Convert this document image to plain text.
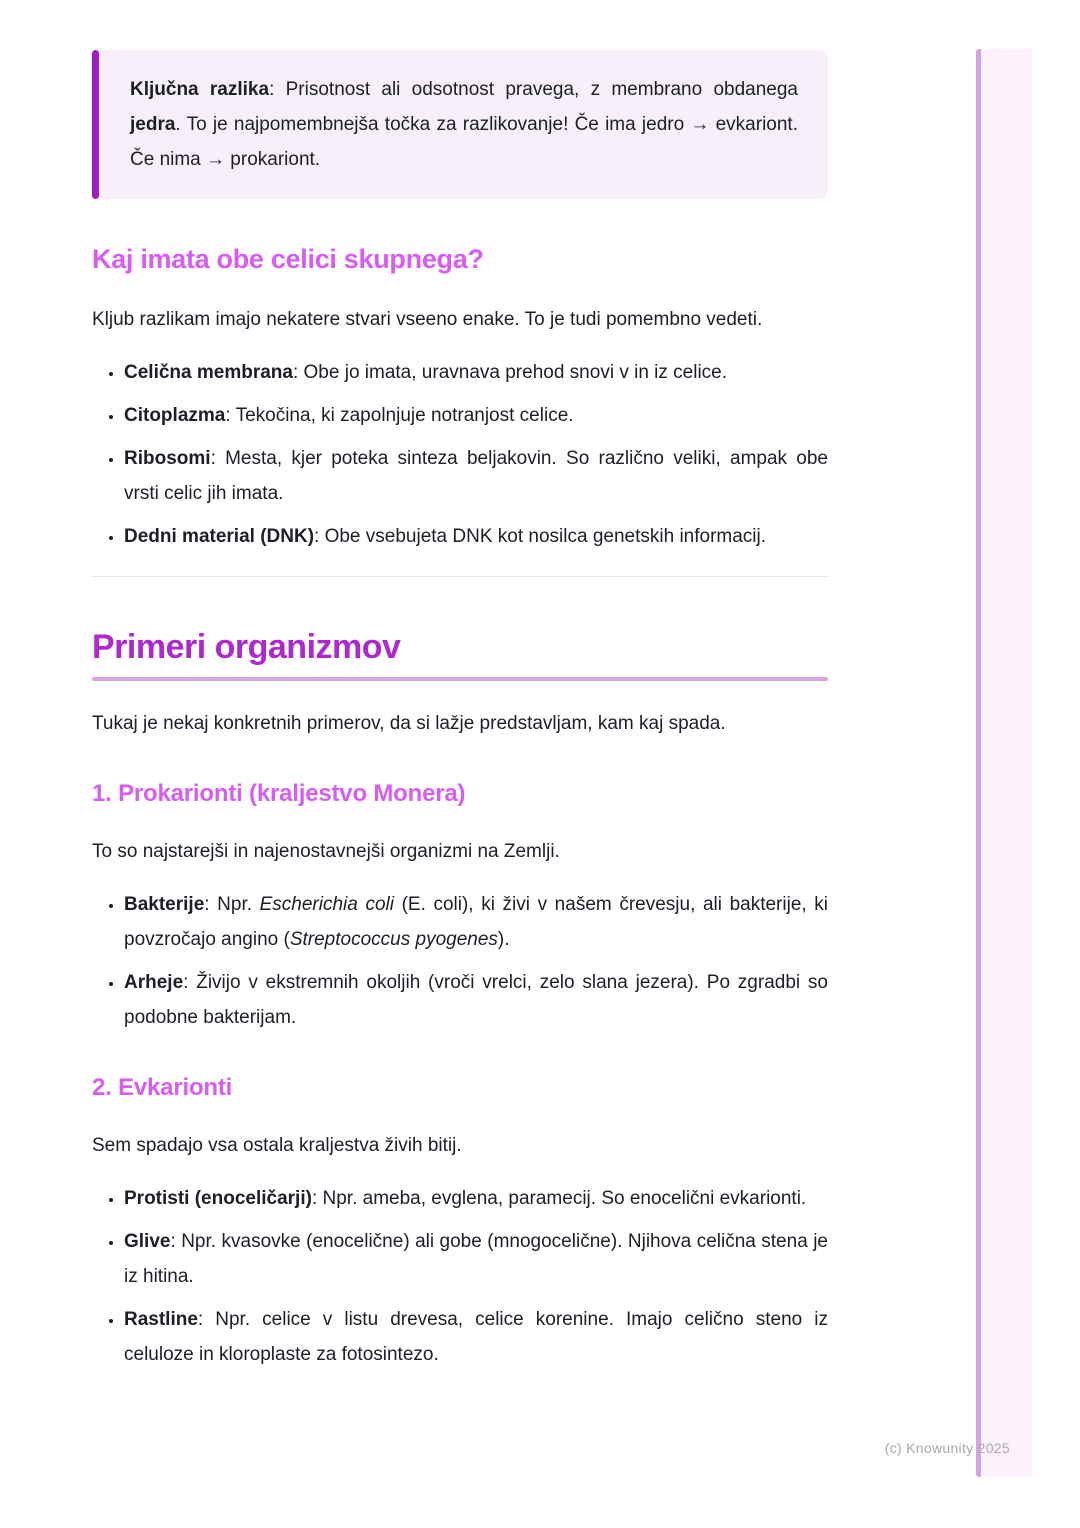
Ključna razlika: Prisotnost ali odsotnost pravega, z membrano obdanega jedra. To je najpomembnejša točka za razlikovanje! Če ima jedro → evkariont. Če nima → prokariont.

Kaj imata obe celici skupnega?

Kljub razlikam imajo nekatere stvari vseeno enake. To je tudi pomembno vedeti.

• Celična membrana: Obe jo imata, uravnava prehod snovi v in iz celice.
• Citoplazma: Tekočina, ki zapolnjuje notranjost celice.
• Ribosomi: Mesta, kjer poteka sinteza beljakovin. So različno veliki, ampak obe vrsti celic jih imata.
• Dedni material (DNK): Obe vsebujeta DNK kot nosilca genetskih informacij.
Primeri organizmov

Tukaj je nekaj konkretnih primerov, da si lažje predstavljam, kam kaj spada.

1. Prokarionti (kraljestvo Monera)

To so najstarejši in najenostavnejši organizmi na Zemlji.

• Bakterije: Npr. Escherichia coli (E. coli), ki živi v našem črevesju, ali bakterije, ki povzročajo angino (Streptococcus pyogenes).
• Arheje: Živijo v ekstremnih okoljih (vroči vrelci, zelo slana jezera). Po zgradbi so podobne bakterijam.
2. Evkarionti

Sem spadajo vsa ostala kraljestva živih bitij.

• Protisti (enoceličarji): Npr. ameba, evglena, paramecij. So enocelični evkarionti.
• Glive: Npr. kvasovke (enocelične) ali gobe (mnogocelične). Njihova celična stena je iz hitina.
• Rastline: Npr. celice v listu drevesa, celice korenine. Imajo celično steno iz celuloze in kloroplaste za fotosintezo.
(c) Knowunity 2025
